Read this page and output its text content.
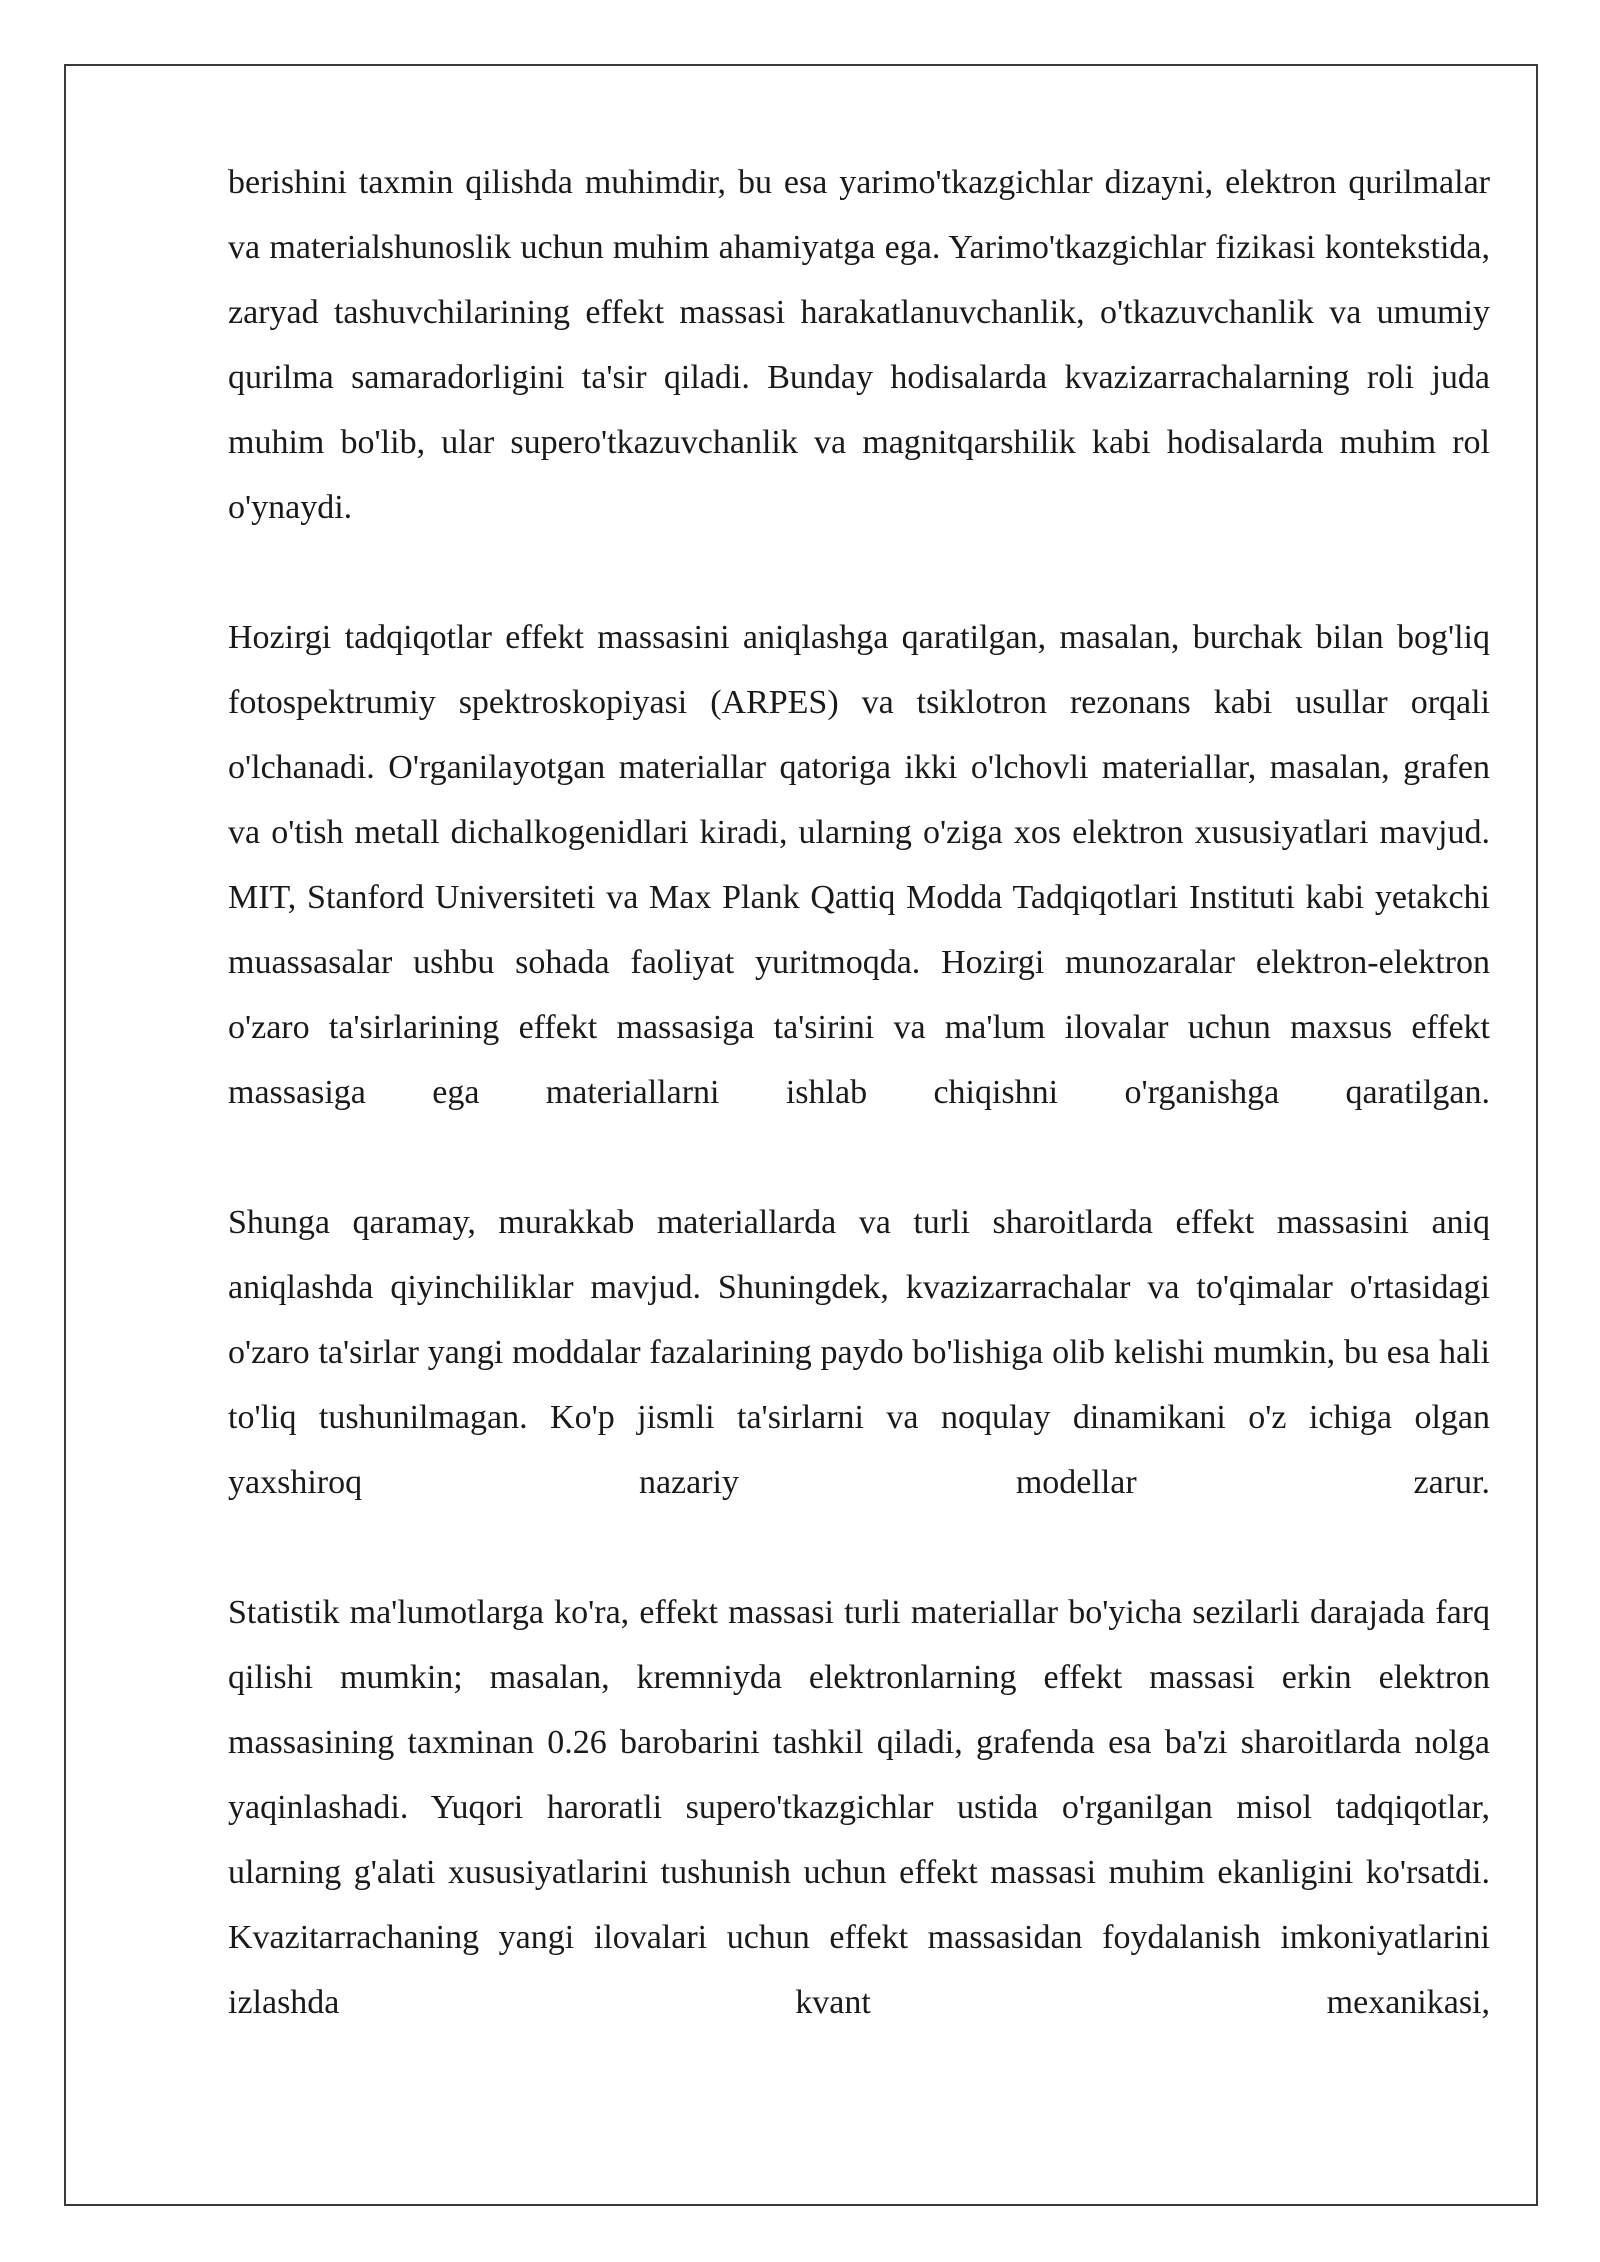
berishini taxmin qilishda muhimdir, bu esa yarimo'tkazgichlar dizayni, elektron qurilmalar va materialshunoslik uchun muhim ahamiyatga ega. Yarimo'tkazgichlar fizikasi kontekstida, zaryad tashuvchilarining effekt massasi harakatlanuvchanlik, o'tkazuvchanlik va umumiy qurilma samaradorligini ta'sir qiladi. Bunday hodisalarda kvazizarrachalarning roli juda muhim bo'lib, ular supero'tkazuvchanlik va magnitqarshilik kabi hodisalarda muhim rol o'ynaydi.

Hozirgi tadqiqotlar effekt massasini aniqlashga qaratilgan, masalan, burchak bilan bog'liq fotospektrumiy spektroskopiyasi (ARPES) va tsiklotron rezonans kabi usullar orqali o'lchanadi. O'rganilayotgan materiallar qatoriga ikki o'lchovli materiallar, masalan, grafen va o'tish metall dichalkogenidlari kiradi, ularning o'ziga xos elektron xususiyatlari mavjud. MIT, Stanford Universiteti va Max Plank Qattiq Modda Tadqiqotlari Instituti kabi yetakchi muassasalar ushbu sohada faoliyat yuritmoqda. Hozirgi munozaralar elektron-elektron o'zaro ta'sirlarining effekt massasiga ta'sirini va ma'lum ilovalar uchun maxsus effekt massasiga ega materiallarni ishlab chiqishni o'rganishga qaratilgan.

Shunga qaramay, murakkab materiallarda va turli sharoitlarda effekt massasini aniq aniqlashda qiyinchiliklar mavjud. Shuningdek, kvazizarrachalar va to'qimalar o'rtasidagi o'zaro ta'sirlar yangi moddalar fazalarining paydo bo'lishiga olib kelishi mumkin, bu esa hali to'liq tushunilmagan. Ko'p jismli ta'sirlarni va noqulay dinamikani o'z ichiga olgan yaxshiroq nazariy modellar zarur.

Statistik ma'lumotlarga ko'ra, effekt massasi turli materiallar bo'yicha sezilarli darajada farq qilishi mumkin; masalan, kremniyda elektronlarning effekt massasi erkin elektron massasining taxminan 0.26 barobarini tashkil qiladi, grafenda esa ba'zi sharoitlarda nolga yaqinlashadi. Yuqori haroratli supero'tkazgichlar ustida o'rganilgan misol tadqiqotlar, ularning g'alati xususiyatlarini tushunish uchun effekt massasi muhim ekanligini ko'rsatdi. Kvazitarrachaning yangi ilovalari uchun effekt massasidan foydalanish imkoniyatlarini izlashda kvant mexanikasi,
